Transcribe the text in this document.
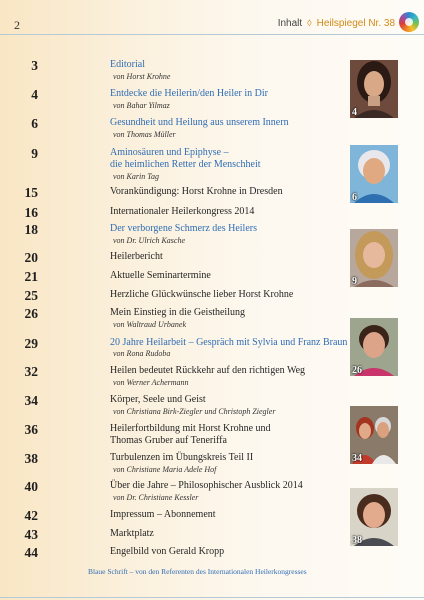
2	Inhalt ◊ Heilspiegel Nr. 38
3	Editorial
von Horst Krohne
4	Entdecke die Heilerin/den Heiler in Dir
von Bahar Yilmaz
6	Gesundheit und Heilung aus unserem Innern
von Thomas Müller
9	Aminosäuren und Epiphyse –
die heimlichen Retter der Menschheit
von Karin Tag
15	Vorankündigung: Horst Krohne in Dresden
16	Internationaler Heilerkongress 2014
18	Der verborgene Schmerz des Heilers
von Dr. Ulrich Kasche
20	Heilerbericht
21	Aktuelle Seminartermine
25	Herzliche Glückwünsche lieber Horst Krohne
26	Mein Einstieg in die Geistheilung
von Waltraud Urbanek
29	20 Jahre Heilarbeit – Gespräch mit Sylvia und Franz Braun
von Rona Rudoba
32	Heilen bedeutet Rückkehr auf den richtigen Weg
von Werner Achermann
34	Körper, Seele und Geist
von Christiana Birk-Ziegler und Christoph Ziegler
36	Heilerfortbildung mit Horst Krohne und
Thomas Gruber auf Teneriffa
38	Turbulenzen im Übungskreis Teil II
von Christiane Maria Adele Hof
40	Über die Jahre – Philosophischer Ausblick 2014
von Dr. Christiane Kessler
42	Impressum – Abonnement
43	Marktplatz
44	Engelbild von Gerald Kropp
4
6
9
26
34
38
Blaue Schrift – von den Referenten des Internationalen Heilerkongresses
